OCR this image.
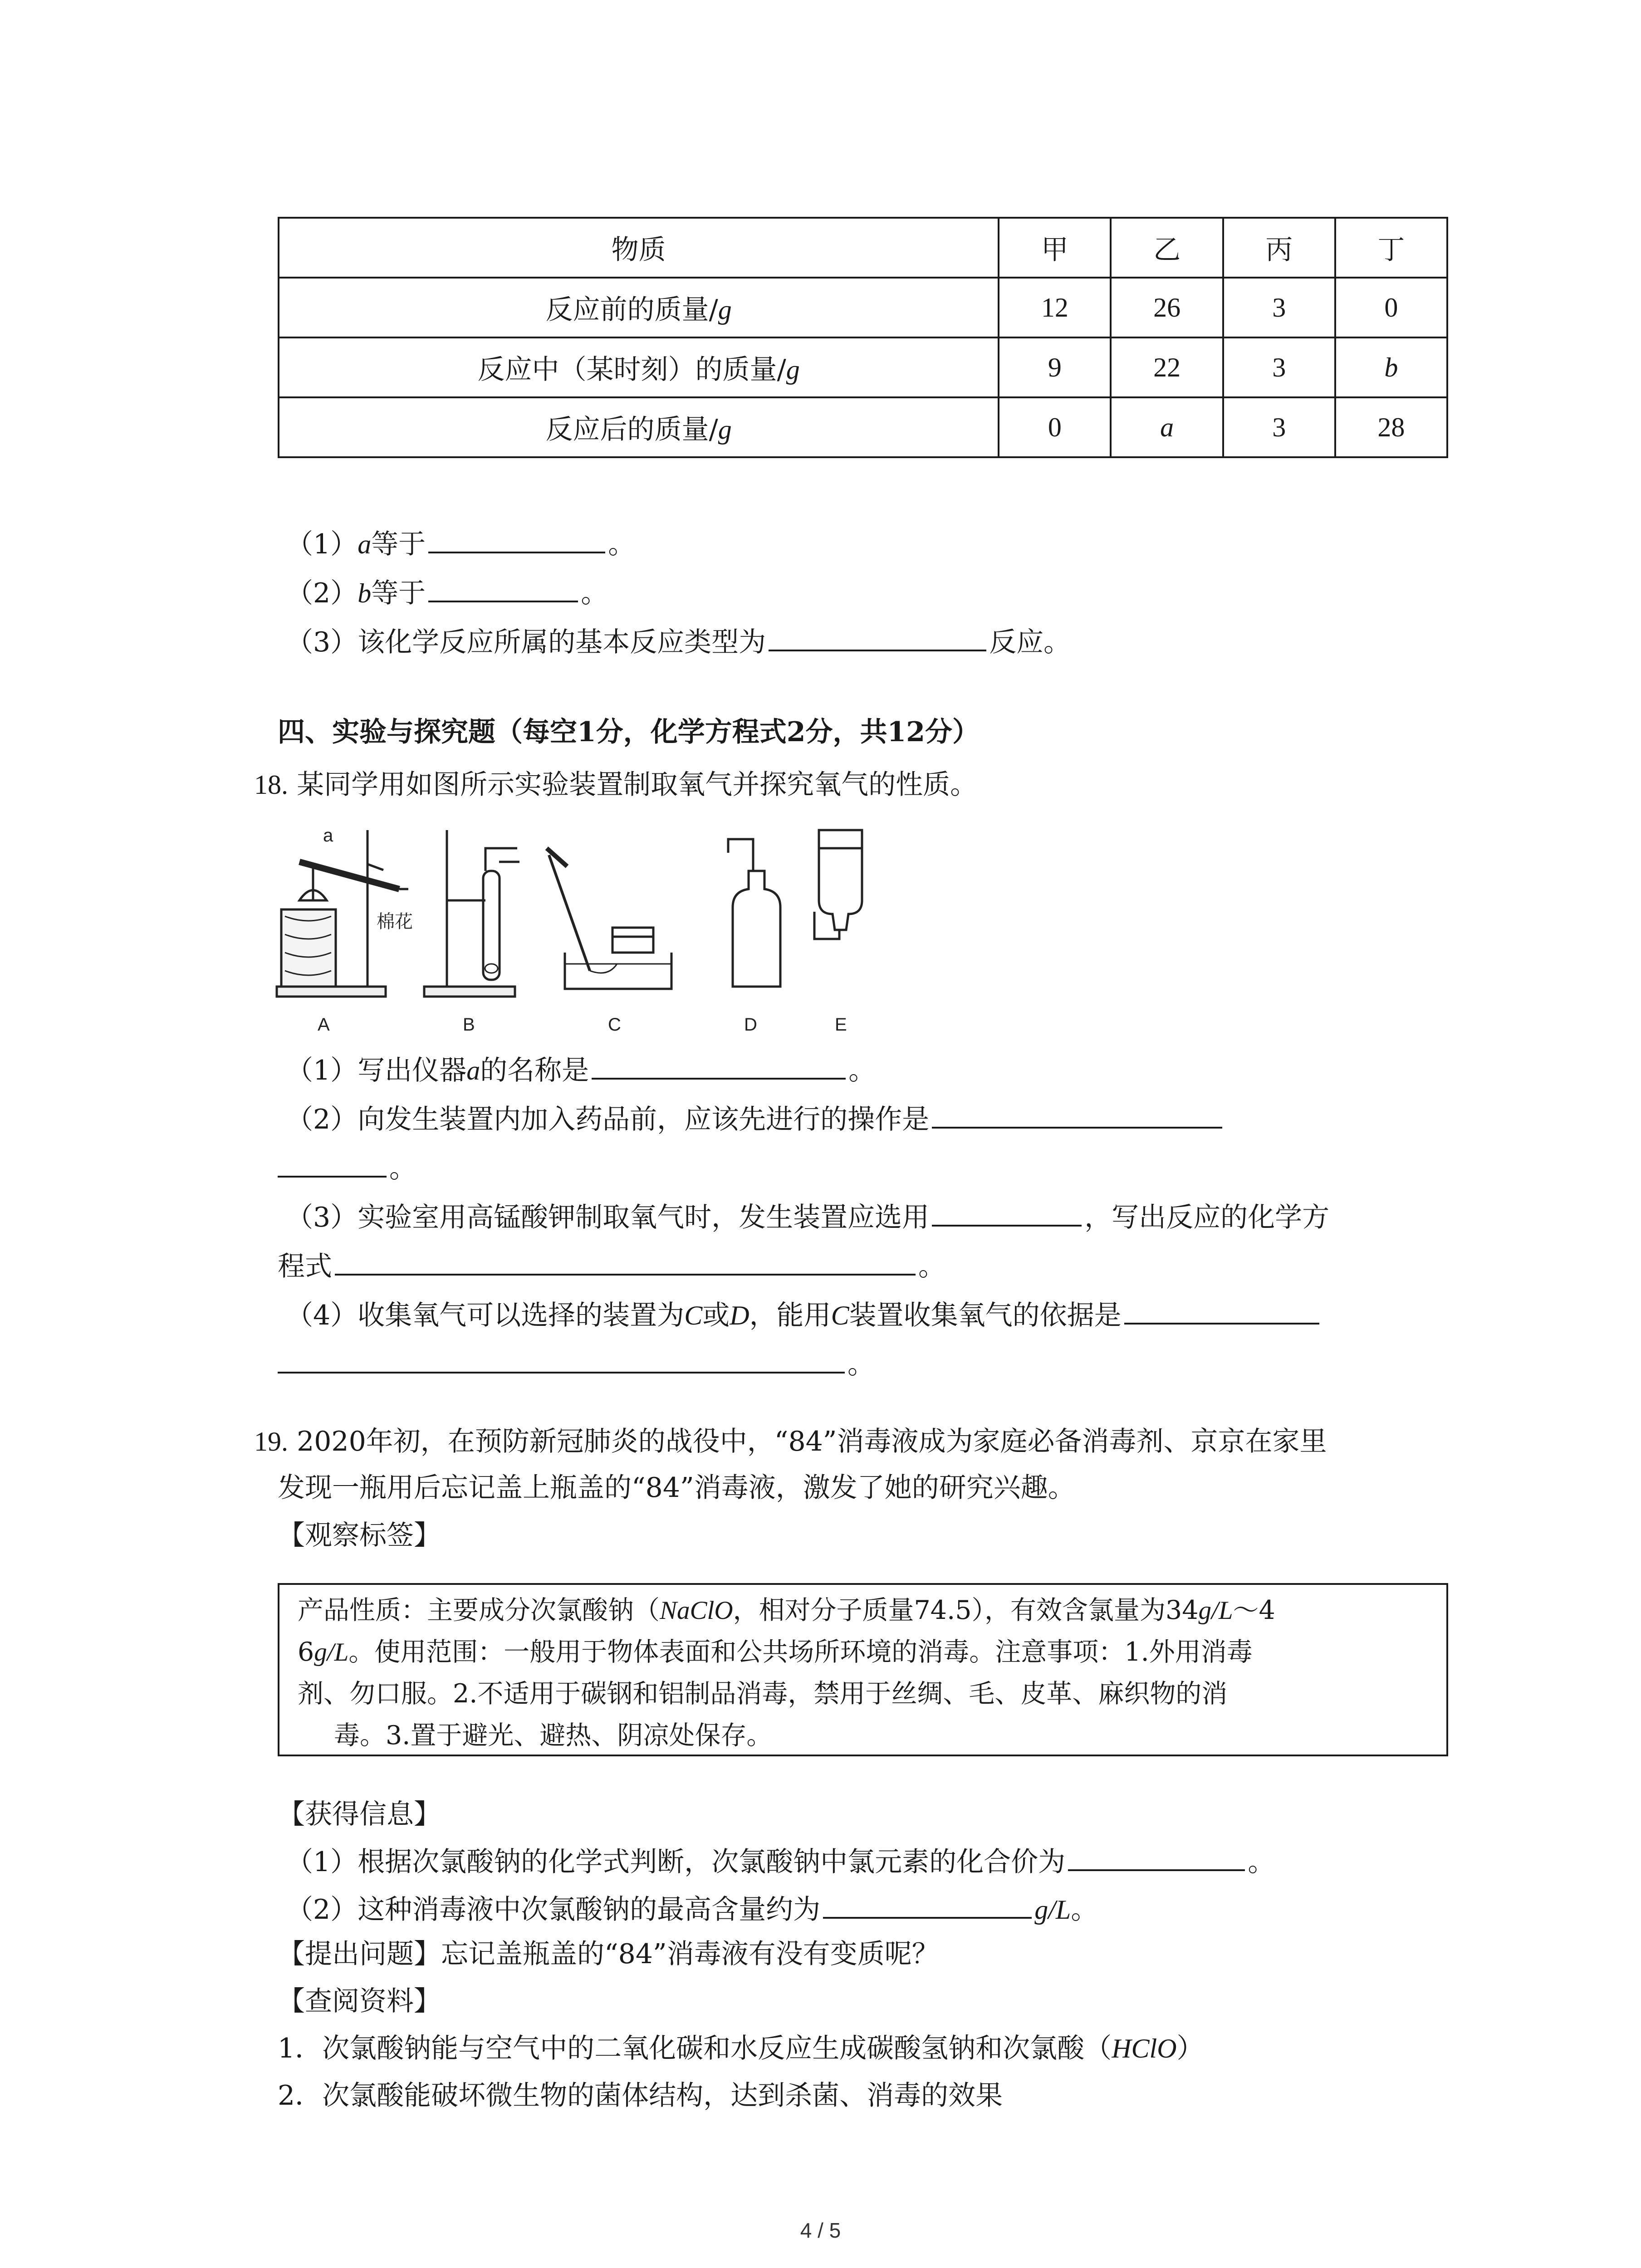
物质	甲	乙	丙	丁
反应前的质量/g	12	26	3	0
反应中（某时刻）的质量/g	9	22	3	b
反应后的质量/g	0	a	3	28
（1）a等于	。
（2）b等于	。
（3）该化学反应所属的基本反应类型为	反应。
四、实验与探究题（每空1分，化学方程式2分，共12分）
18. 某同学用如图所示实验装置制取氧气并探究氧气的性质。
a
棉花
A	B	C	D	E
（1）写出仪器a的名称是	。
（2）向发生装置内加入药品前，应该先进行的操作是
。
（3）实验室用高锰酸钾制取氧气时，发生装置应选用	，写出反应的化学方
程式	。
（4）收集氧气可以选择的装置为C或D，能用C装置收集氧气的依据是
。
19. 2020年初，在预防新冠肺炎的战役中，“84”消毒液成为家庭必备消毒剂、京京在家里
发现一瓶用后忘记盖上瓶盖的“84”消毒液，激发了她的研究兴趣。
【观察标签】
产品性质：主要成分次氯酸钠（NaClO，相对分子质量74.5），有效含氯量为34g/L～4
6g/L。使用范围：一般用于物体表面和公共场所环境的消毒。注意事项：1.外用消毒
剂、勿口服。2.不适用于碳钢和铝制品消毒，禁用于丝绸、毛、皮革、麻织物的消
毒。3.置于避光、避热、阴凉处保存。
【获得信息】
（1）根据次氯酸钠的化学式判断，次氯酸钠中氯元素的化合价为	。
（2）这种消毒液中次氯酸钠的最高含量约为	g/L。
【提出问题】忘记盖瓶盖的“84”消毒液有没有变质呢？
【查阅资料】
1．次氯酸钠能与空气中的二氧化碳和水反应生成碳酸氢钠和次氯酸（HClO）
2．次氯酸能破坏微生物的菌体结构，达到杀菌、消毒的效果
4 / 5
